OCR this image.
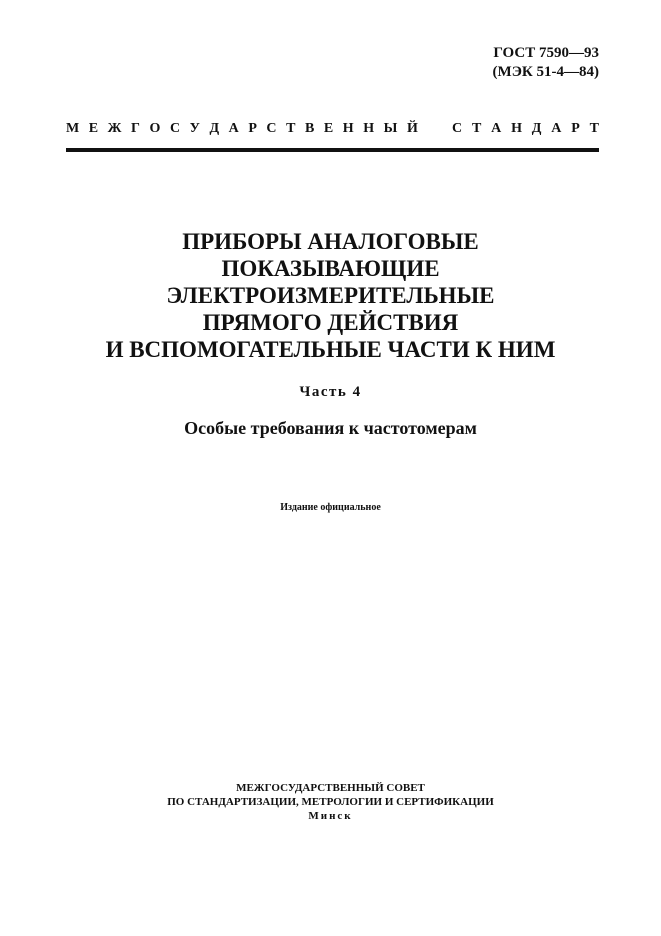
ГОСТ 7590—93
(МЭК 51-4—84)
М Е Ж Г О С У Д А Р С Т В Е Н Н Ы Й С Т А Н Д А Р Т
ПРИБОРЫ АНАЛОГОВЫЕ
ПОКАЗЫВАЮЩИЕ
ЭЛЕКТРОИЗМЕРИТЕЛЬНЫЕ
ПРЯМОГО ДЕЙСТВИЯ
И ВСПОМОГАТЕЛЬНЫЕ ЧАСТИ К НИМ
Часть 4
Особые требования к частотомерам
Издание официальное
МЕЖГОСУДАРСТВЕННЫЙ СОВЕТ
ПО СТАНДАРТИЗАЦИИ, МЕТРОЛОГИИ И СЕРТИФИКАЦИИ
Минск
